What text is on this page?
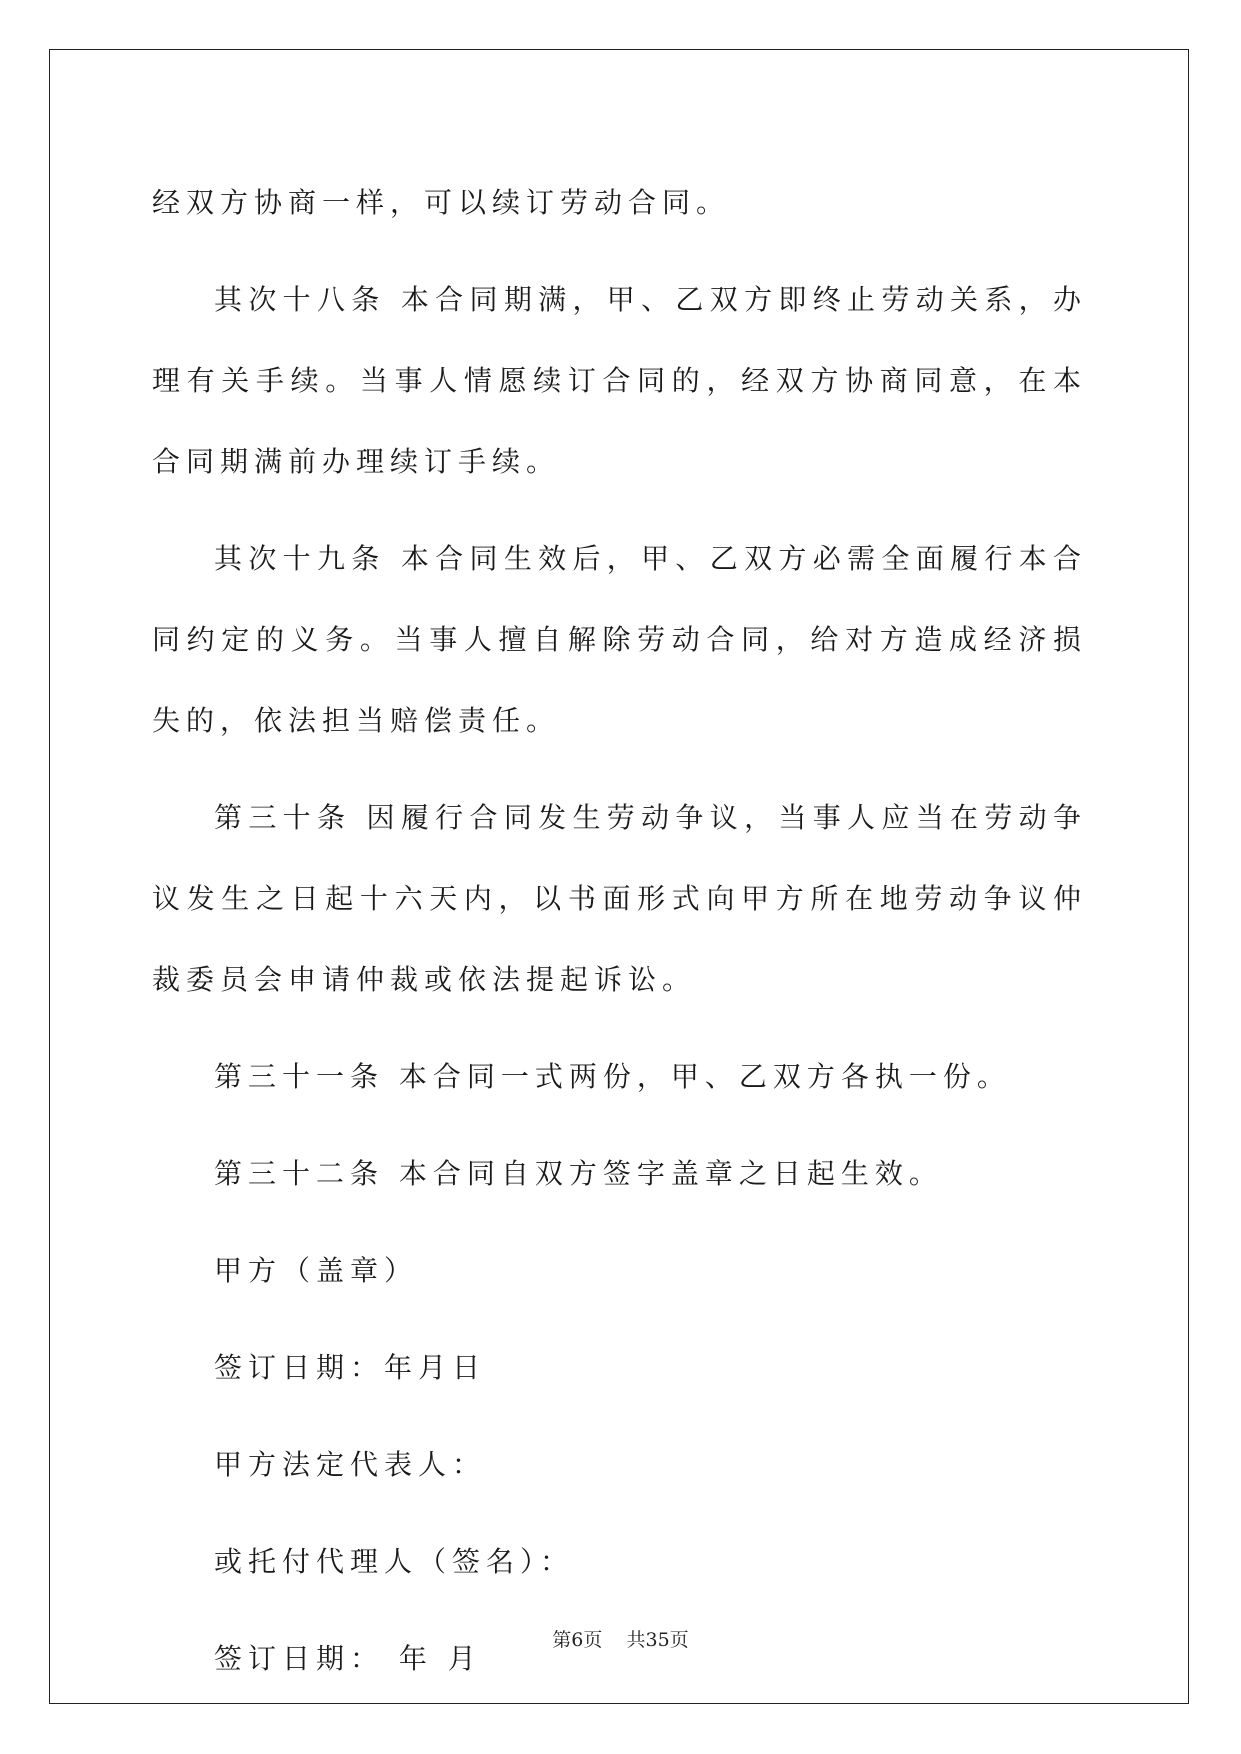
经双方协商一样，可以续订劳动合同。

其次十八条 本合同期满，甲、乙双方即终止劳动关系，办理有关手续。当事人情愿续订合同的，经双方协商同意，在本合同期满前办理续订手续。

其次十九条 本合同生效后，甲、乙双方必需全面履行本合同约定的义务。当事人擅自解除劳动合同，给对方造成经济损失的，依法担当赔偿责任。

第三十条 因履行合同发生劳动争议，当事人应当在劳动争议发生之日起十六天内，以书面形式向甲方所在地劳动争议仲裁委员会申请仲裁或依法提起诉讼。

第三十一条 本合同一式两份，甲、乙双方各执一份。

第三十二条 本合同自双方签字盖章之日起生效。

甲方（盖章）

签订日期：年月日

甲方法定代表人：

或托付代理人（签名）：

签订日期： 年 月

第6页 共35页
